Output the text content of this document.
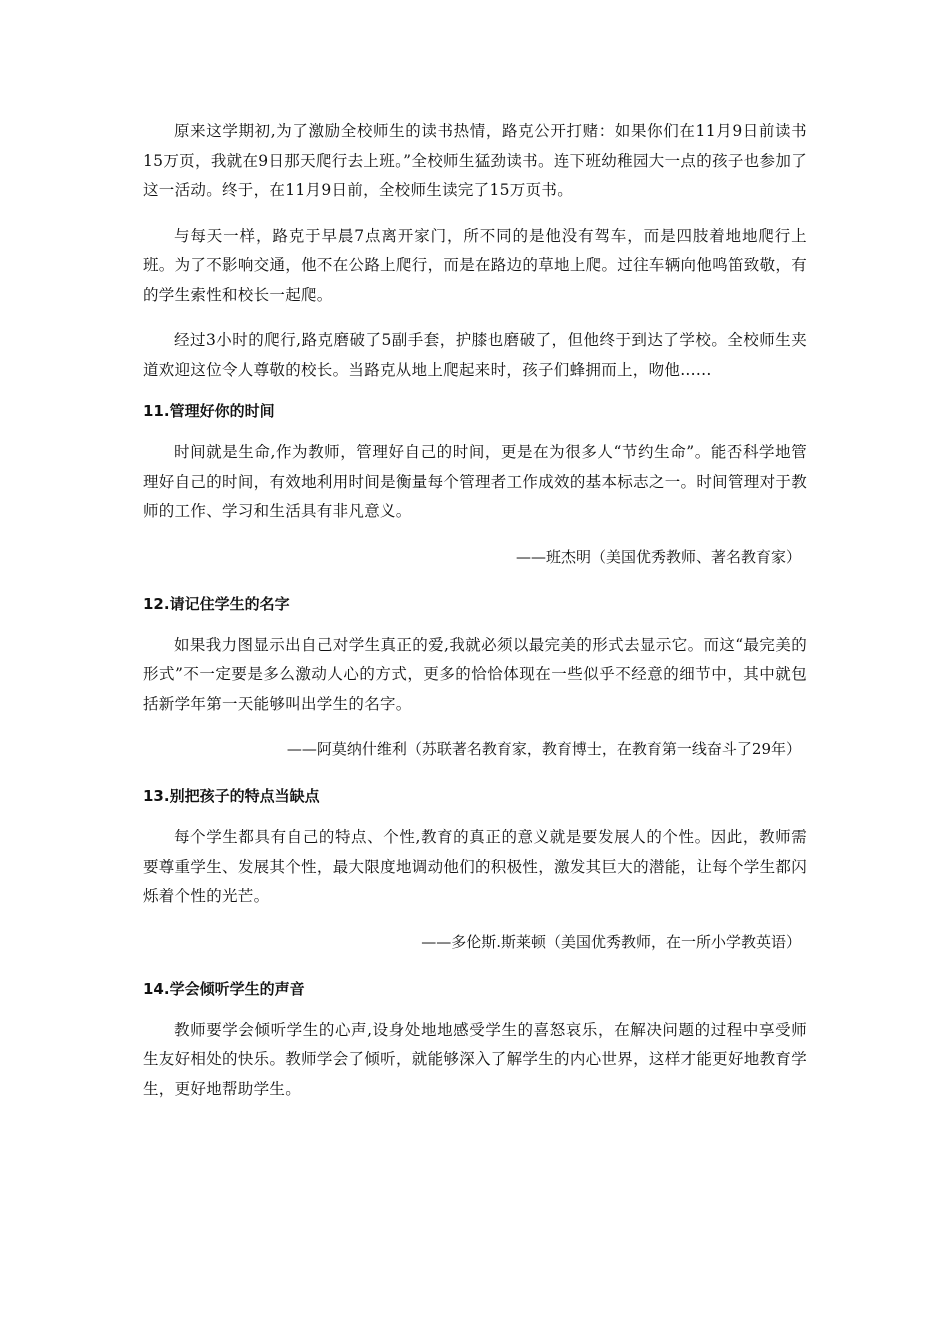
原来这学期初,为了激励全校师生的读书热情，路克公开打赌：如果你们在11月9日前读书15万页，我就在9日那天爬行去上班。”全校师生猛劲读书。连下班幼稚园大一点的孩子也参加了这一活动。终于，在11月9日前，全校师生读完了15万页书。

与每天一样，路克于早晨7点离开家门，所不同的是他没有驾车，而是四肢着地地爬行上班。为了不影响交通，他不在公路上爬行，而是在路边的草地上爬。过往车辆向他鸣笛致敬，有的学生索性和校长一起爬。

经过3小时的爬行,路克磨破了5副手套，护膝也磨破了，但他终于到达了学校。全校师生夹道欢迎这位令人尊敬的校长。当路克从地上爬起来时，孩子们蜂拥而上，吻他......

11.管理好你的时间

时间就是生命,作为教师，管理好自己的时间，更是在为很多人“节约生命”。能否科学地管理好自己的时间，有效地利用时间是衡量每个管理者工作成效的基本标志之一。时间管理对于教师的工作、学习和生活具有非凡意义。

——班杰明（美国优秀教师、著名教育家）

12.请记住学生的名字

如果我力图显示出自己对学生真正的爱,我就必须以最完美的形式去显示它。而这“最完美的形式”不一定要是多么激动人心的方式，更多的恰恰体现在一些似乎不经意的细节中，其中就包括新学年第一天能够叫出学生的名字。

——阿莫纳什维利（苏联著名教育家，教育博士，在教育第一线奋斗了29年）

13.别把孩子的特点当缺点

每个学生都具有自己的特点、个性,教育的真正的意义就是要发展人的个性。因此，教师需要尊重学生、发展其个性，最大限度地调动他们的积极性，激发其巨大的潜能，让每个学生都闪烁着个性的光芒。

——多伦斯.斯莱顿（美国优秀教师，在一所小学教英语）

14.学会倾听学生的声音

教师要学会倾听学生的心声,设身处地地感受学生的喜怒哀乐，在解决问题的过程中享受师生友好相处的快乐。教师学会了倾听，就能够深入了解学生的内心世界，这样才能更好地教育学生，更好地帮助学生。
